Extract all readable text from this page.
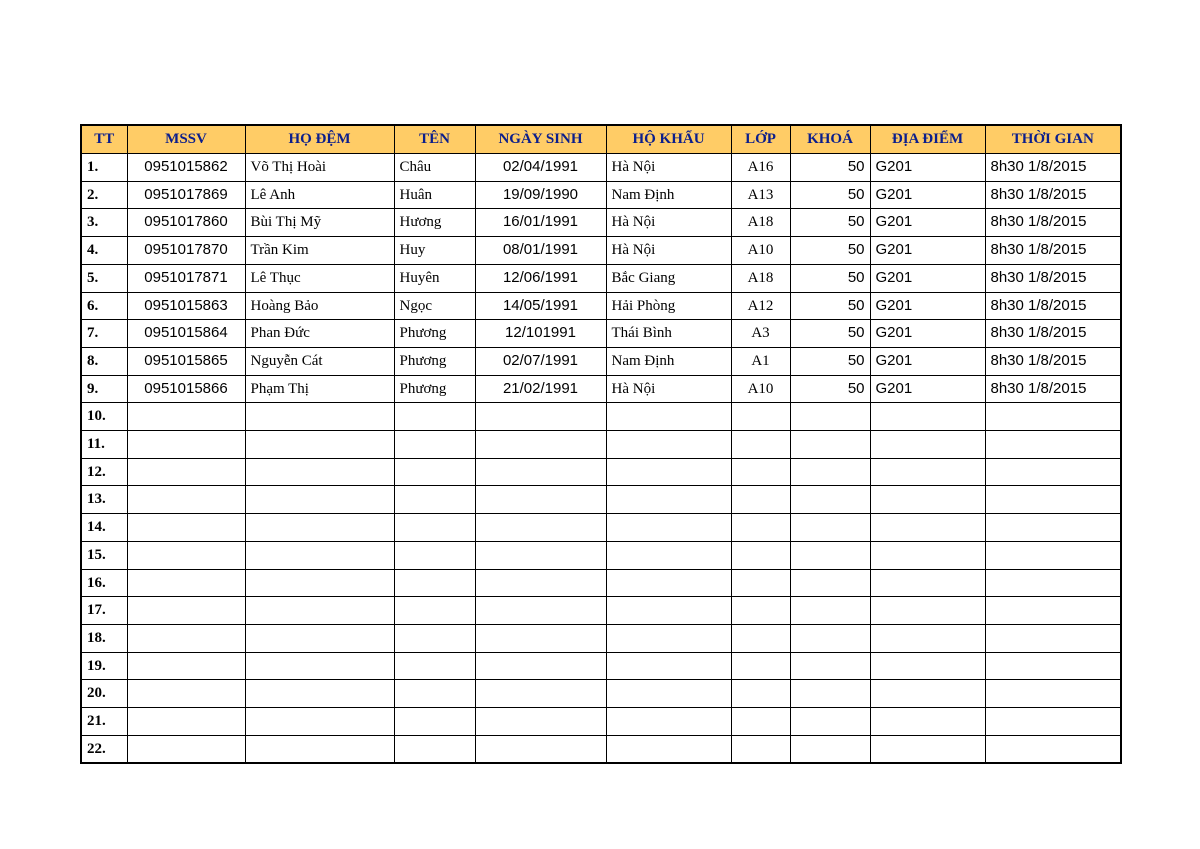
TT	MSSV	HỌ ĐỆM	TÊN	NGÀY SINH	HỘ KHẨU	LỚP	KHOÁ	ĐỊA ĐIỂM	THỜI GIAN
1.	0951015862	Võ Thị Hoài	Châu	02/04/1991	Hà Nội	A16	50	G201	8h30 1/8/2015
2.	0951017869	Lê Anh	Huân	19/09/1990	Nam Định	A13	50	G201	8h30 1/8/2015
3.	0951017860	Bùi Thị Mỹ	Hương	16/01/1991	Hà Nội	A18	50	G201	8h30 1/8/2015
4.	0951017870	Trần Kim	Huy	08/01/1991	Hà Nội	A10	50	G201	8h30 1/8/2015
5.	0951017871	Lê Thục	Huyên	12/06/1991	Bắc Giang	A18	50	G201	8h30 1/8/2015
6.	0951015863	Hoàng Bảo	Ngọc	14/05/1991	Hải Phòng	A12	50	G201	8h30 1/8/2015
7.	0951015864	Phan Đức	Phương	12/101991	Thái Bình	A3	50	G201	8h30 1/8/2015
8.	0951015865	Nguyễn Cát	Phương	02/07/1991	Nam Định	A1	50	G201	8h30 1/8/2015
9.	0951015866	Phạm Thị	Phương	21/02/1991	Hà Nội	A10	50	G201	8h30 1/8/2015
10.									
11.									
12.									
13.									
14.									
15.									
16.									
17.									
18.									
19.									
20.									
21.									
22.									
